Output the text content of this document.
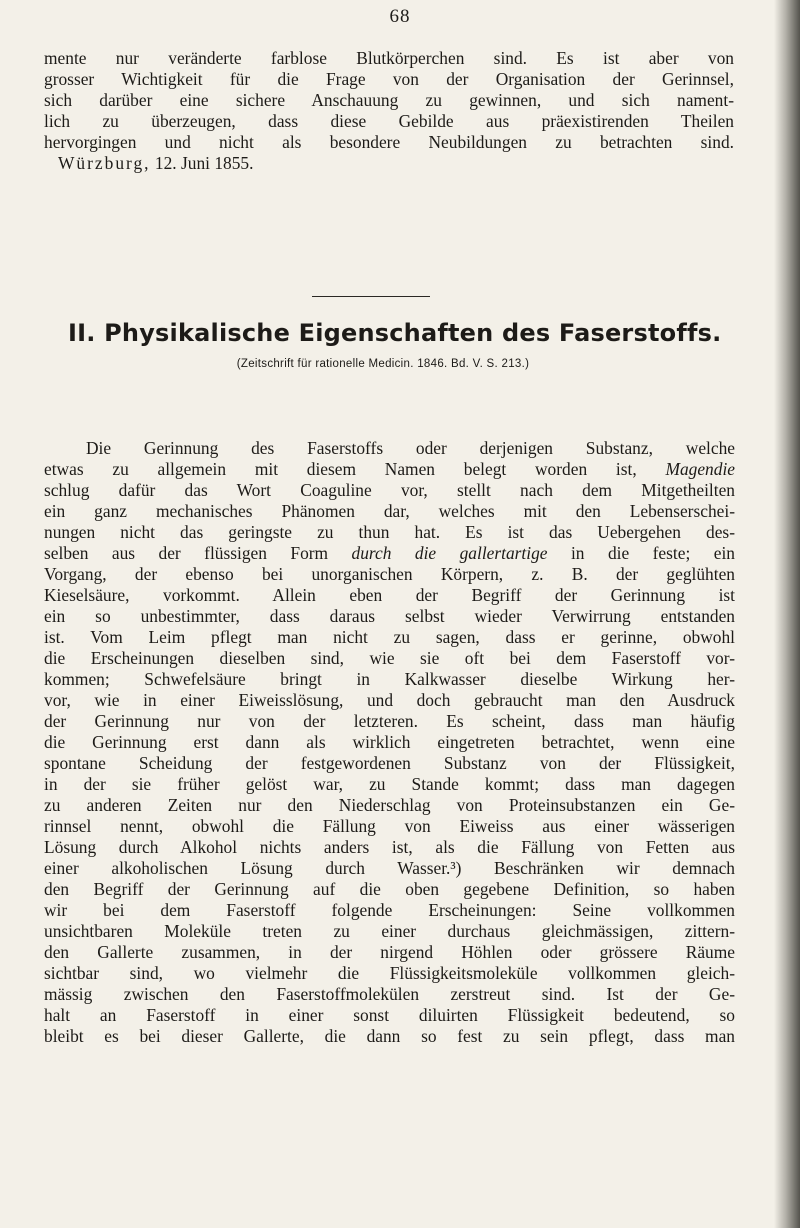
68
mente nur veränderte farblose Blutkörperchen sind. Es ist aber von
grosser Wichtigkeit für die Frage von der Organisation der Gerinnsel,
sich darüber eine sichere Anschauung zu gewinnen, und sich nament-
lich zu überzeugen, dass diese Gebilde aus präexistirenden Theilen
hervorgingen und nicht als besondere Neubildungen zu betrachten sind.
Würzburg, 12. Juni 1855.
II. Physikalische Eigenschaften des Faserstoffs.
(Zeitschrift für rationelle Medicin. 1846. Bd. V. S. 213.)
Die Gerinnung des Faserstoffs oder derjenigen Substanz, welche
etwas zu allgemein mit diesem Namen belegt worden ist, Magendie
schlug dafür das Wort Coaguline vor, stellt nach dem Mitgetheilten
ein ganz mechanisches Phänomen dar, welches mit den Lebenserschei-
nungen nicht das geringste zu thun hat. Es ist das Uebergehen des-
selben aus der flüssigen Form durch die gallertartige in die feste; ein
Vorgang, der ebenso bei unorganischen Körpern, z. B. der geglühten
Kieselsäure, vorkommt. Allein eben der Begriff der Gerinnung ist
ein so unbestimmter, dass daraus selbst wieder Verwirrung entstanden
ist. Vom Leim pflegt man nicht zu sagen, dass er gerinne, obwohl
die Erscheinungen dieselben sind, wie sie oft bei dem Faserstoff vor-
kommen; Schwefelsäure bringt in Kalkwasser dieselbe Wirkung her-
vor, wie in einer Eiweisslösung, und doch gebraucht man den Ausdruck
der Gerinnung nur von der letzteren. Es scheint, dass man häufig
die Gerinnung erst dann als wirklich eingetreten betrachtet, wenn eine
spontane Scheidung der festgewordenen Substanz von der Flüssigkeit,
in der sie früher gelöst war, zu Stande kommt; dass man dagegen
zu anderen Zeiten nur den Niederschlag von Proteinsubstanzen ein Ge-
rinnsel nennt, obwohl die Fällung von Eiweiss aus einer wässerigen
Lösung durch Alkohol nichts anders ist, als die Fällung von Fetten aus
einer alkoholischen Lösung durch Wasser.³) Beschränken wir demnach
den Begriff der Gerinnung auf die oben gegebene Definition, so haben
wir bei dem Faserstoff folgende Erscheinungen: Seine vollkommen
unsichtbaren Moleküle treten zu einer durchaus gleichmässigen, zittern-
den Gallerte zusammen, in der nirgend Höhlen oder grössere Räume
sichtbar sind, wo vielmehr die Flüssigkeitsmoleküle vollkommen gleich-
mässig zwischen den Faserstoffmolekülen zerstreut sind. Ist der Ge-
halt an Faserstoff in einer sonst diluirten Flüssigkeit bedeutend, so
bleibt es bei dieser Gallerte, die dann so fest zu sein pflegt, dass man
